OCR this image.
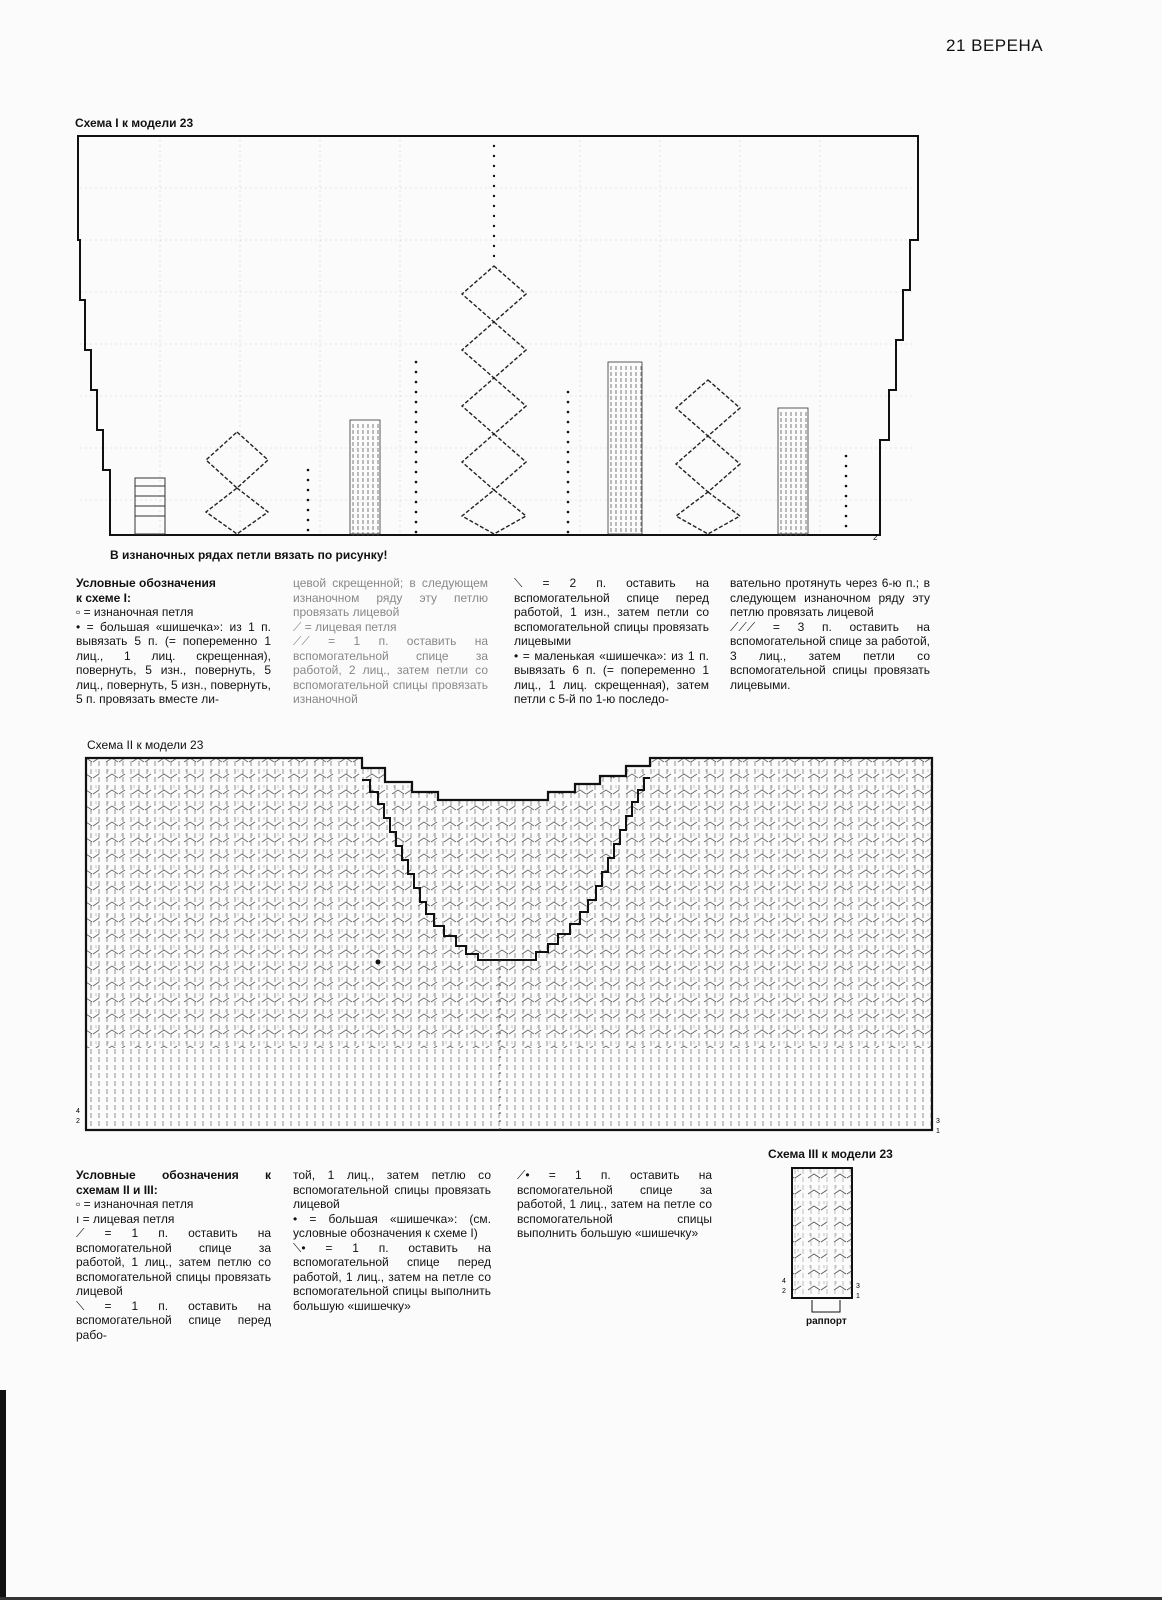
21 ВЕРЕНА
Схема I к модели 23
2
В изнаночных рядах петли вязать по рисунку!
Условные обозначения
к схеме I:
▫ = изнаночная петля
• = большая «шишечка»: из 1 п. вывязать 5 п. (= попеременно 1 лиц., 1 лиц. скрещенная), повернуть, 5 изн., повернуть, 5 лиц., повернуть, 5 изн., повернуть, 5 п. провязать вместе ли-
цевой скрещенной; в следующем изнаночном ряду эту петлю провязать лицевой
⟋ = лицевая петля
⟋⟋ = 1 п. оставить на вспомогательной спице за работой, 2 лиц., затем петли со вспомогательной спицы провязать изнаночной
⟍ = 2 п. оставить на вспомогательной спице перед работой, 1 изн., затем петли со вспомогательной спицы провязать лицевыми
• = маленькая «шишечка»: из 1 п. вывязать 6 п. (= попеременно 1 лиц., 1 лиц. скрещенная), затем петли с 5-й по 1-ю последо-
вательно протянуть через 6-ю п.; в следующем изнаночном ряду эту петлю провязать лицевой
⟋⟋⟋ = 3 п. оставить на вспомогательной спице за работой, 3 лиц., затем петли со вспомогательной спицы провязать лицевыми.
Схема II к модели 23
4
2	3
1
Условные обозначения к схемам II и III:
▫ = изнаночная петля
ı = лицевая петля
⟋ = 1 п. оставить на вспомогательной спице за работой, 1 лиц., затем петлю со вспомогательной спицы провязать лицевой
⟍ = 1 п. оставить на вспомогательной спице перед рабо-
той, 1 лиц., затем петлю со вспомогательной спицы провязать лицевой
• = большая «шишечка»: (см. условные обозначения к схеме I)
⟍• = 1 п. оставить на вспомогательной спице перед работой, 1 лиц., затем на петле со вспомогательной спицы выполнить большую «шишечку»
⟋• = 1 п. оставить на вспомогательной спице за работой, 1 лиц., затем на петле со вспомогательной спицы выполнить большую «шишечку»
Схема III к модели 23
4
2
3
1
раппорт
